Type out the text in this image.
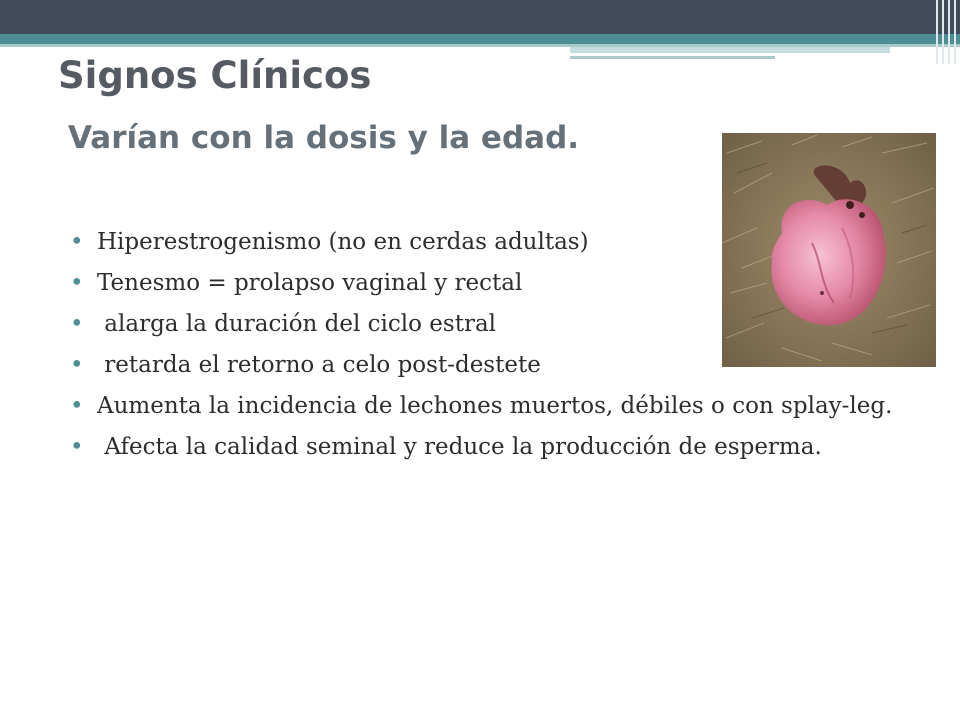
Signos Clínicos
Varían con la dosis y la edad.
• Hiperestrogenismo (no en cerdas adultas)
• Tenesmo = prolapso vaginal y rectal
• alarga la duración del ciclo estral
• retarda el retorno a celo post-destete
• Aumenta la incidencia de lechones muertos, débiles o con splay-leg.
• Afecta la calidad seminal y reduce la producción de esperma.
